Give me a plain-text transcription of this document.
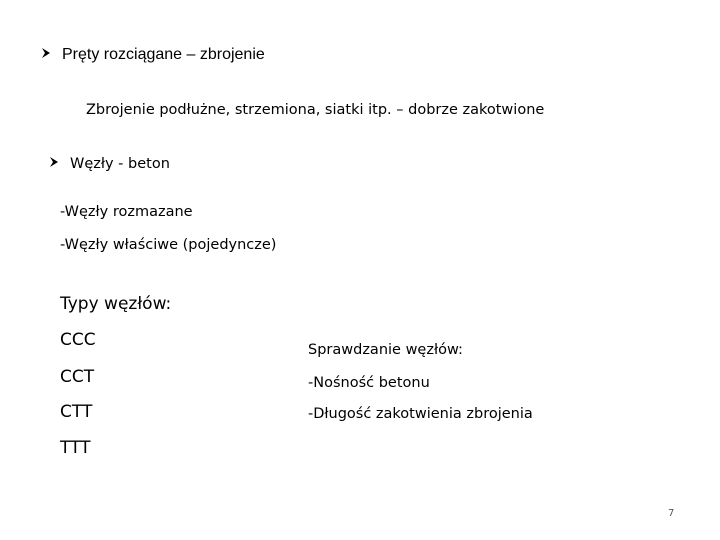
Pręty rozciągane – zbrojenie
Zbrojenie podłużne, strzemiona, siatki itp. – dobrze zakotwione
Węzły - beton
-Węzły rozmazane
-Węzły właściwe (pojedyncze)
Typy węzłów:
CCC
CCT
CTT
TTT
Sprawdzanie węzłów:
-Nośność betonu
-Długość zakotwienia zbrojenia
7
